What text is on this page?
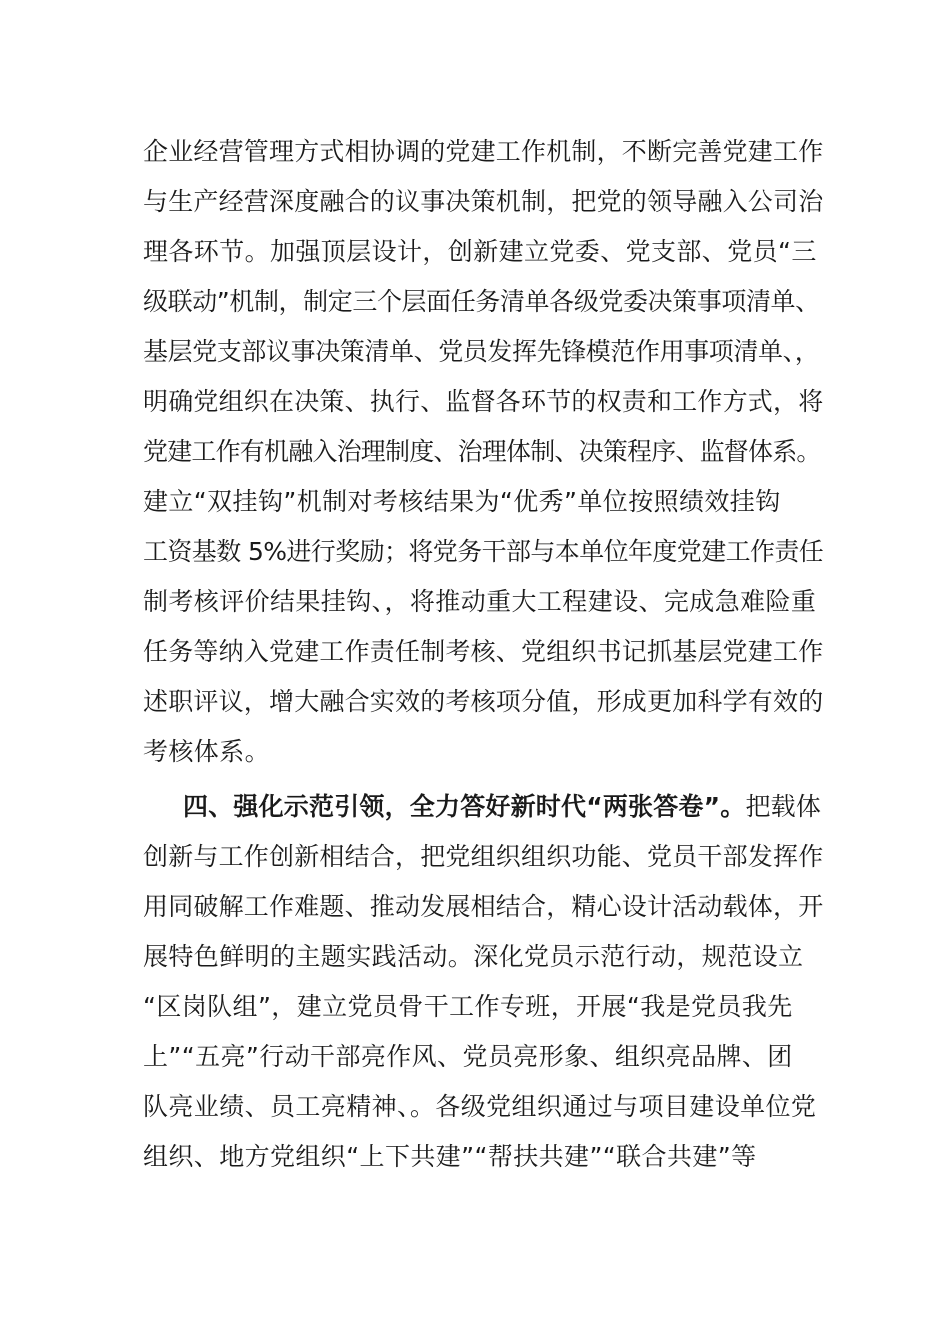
企业经营管理方式相协调的党建工作机制，不断完善党建工作
与生产经营深度融合的议事决策机制，把党的领导融入公司治
理各环节。加强顶层设计，创新建立党委、党支部、党员“三
级联动”机制，制定三个层面任务清单各级党委决策事项清单、
基层党支部议事决策清单、党员发挥先锋模范作用事项清单、，
明确党组织在决策、执行、监督各环节的权责和工作方式，将
党建工作有机融入治理制度、治理体制、决策程序、监督体系。
建立“双挂钩”机制对考核结果为“优秀”单位按照绩效挂钩
工资基数 5%进行奖励；将党务干部与本单位年度党建工作责任
制考核评价结果挂钩、，将推动重大工程建设、完成急难险重
任务等纳入党建工作责任制考核、党组织书记抓基层党建工作
述职评议，增大融合实效的考核项分值，形成更加科学有效的
考核体系。
四、强化示范引领，全力答好新时代“两张答卷”。把载体
创新与工作创新相结合，把党组织组织功能、党员干部发挥作
用同破解工作难题、推动发展相结合，精心设计活动载体，开
展特色鲜明的主题实践活动。深化党员示范行动，规范设立
“区岗队组”，建立党员骨干工作专班，开展“我是党员我先
上”“五亮”行动干部亮作风、党员亮形象、组织亮品牌、团
队亮业绩、员工亮精神、。各级党组织通过与项目建设单位党
组织、地方党组织“上下共建”“帮扶共建”“联合共建”等
